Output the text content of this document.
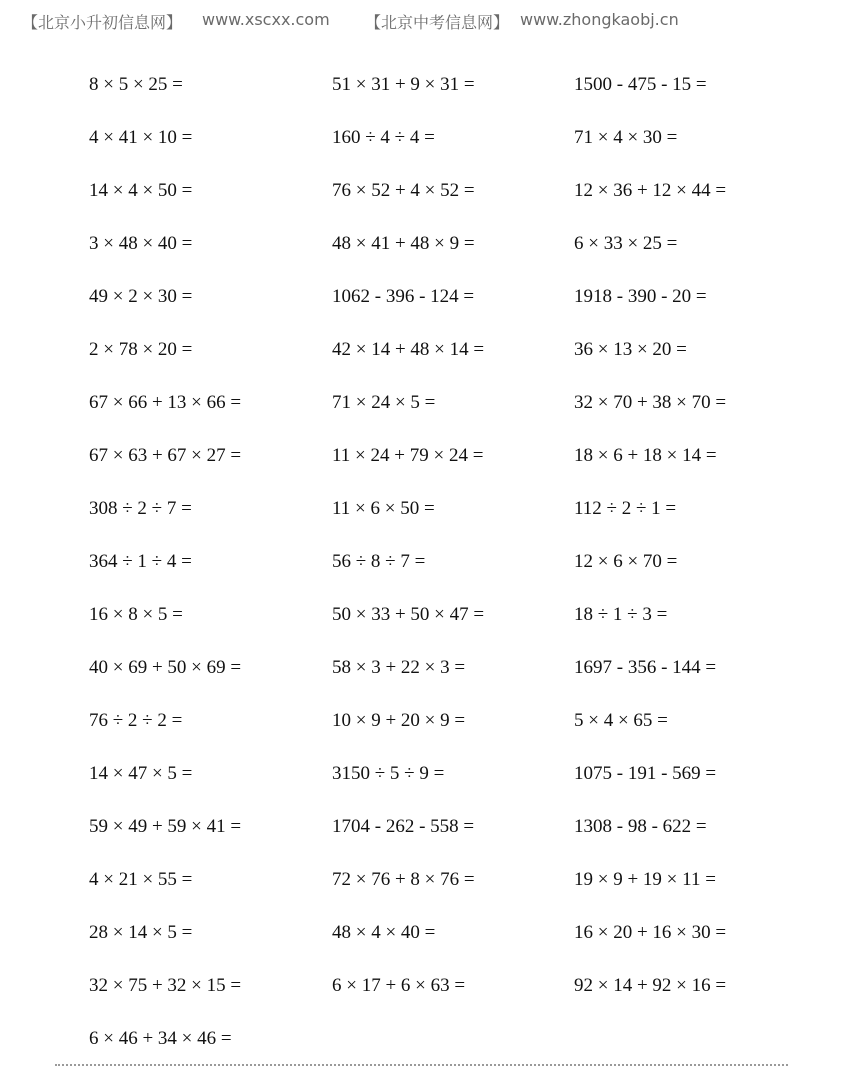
【北京小升初信息网】 www.xscxx.com 【北京中考信息网】 www.zhongkaobj.cn
8 × 5 × 25 =
4 × 41 × 10 =
14 × 4 × 50 =
3 × 48 × 40 =
49 × 2 × 30 =
2 × 78 × 20 =
67 × 66 + 13 × 66 =
67 × 63 + 67 × 27 =
308 ÷ 2 ÷ 7 =
364 ÷ 1 ÷ 4 =
16 × 8 × 5 =
40 × 69 + 50 × 69 =
76 ÷ 2 ÷ 2 =
14 × 47 × 5 =
59 × 49 + 59 × 41 =
4 × 21 × 55 =
28 × 14 × 5 =
32 × 75 + 32 × 15 =
6 × 46 + 34 × 46 =
51 × 31 + 9 × 31 =
160 ÷ 4 ÷ 4 =
76 × 52 + 4 × 52 =
48 × 41 + 48 × 9 =
1062 - 396 - 124 =
42 × 14 + 48 × 14 =
71 × 24 × 5 =
11 × 24 + 79 × 24 =
11 × 6 × 50 =
56 ÷ 8 ÷ 7 =
50 × 33 + 50 × 47 =
58 × 3 + 22 × 3 =
10 × 9 + 20 × 9 =
3150 ÷ 5 ÷ 9 =
1704 - 262 - 558 =
72 × 76 + 8 × 76 =
48 × 4 × 40 =
6 × 17 + 6 × 63 =
1500 - 475 - 15 =
71 × 4 × 30 =
12 × 36 + 12 × 44 =
6 × 33 × 25 =
1918 - 390 - 20 =
36 × 13 × 20 =
32 × 70 + 38 × 70 =
18 × 6 + 18 × 14 =
112 ÷ 2 ÷ 1 =
12 × 6 × 70 =
18 ÷ 1 ÷ 3 =
1697 - 356 - 144 =
5 × 4 × 65 =
1075 - 191 - 569 =
1308 - 98 - 622 =
19 × 9 + 19 × 11 =
16 × 20 + 16 × 30 =
92 × 14 + 92 × 16 =
